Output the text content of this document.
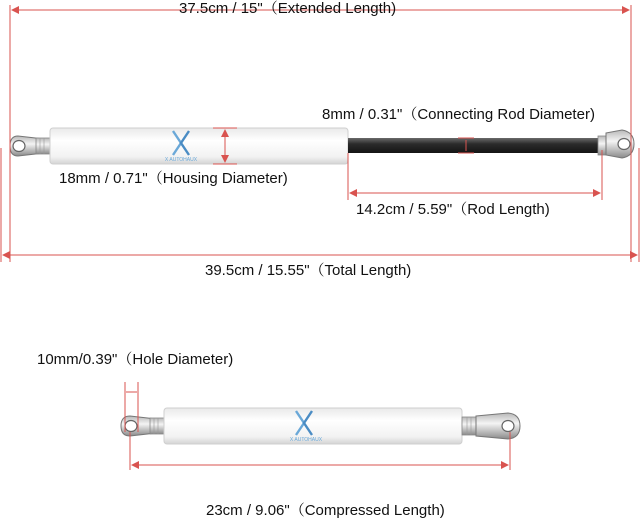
X AUTOHAUX
X AUTOHAUX
37.5cm / 15"（Extended Length)
8mm / 0.31"（Connecting Rod Diameter)
18mm / 0.71"（Housing Diameter)
14.2cm / 5.59"（Rod Length)
39.5cm / 15.55"（Total Length)
10mm/0.39"（Hole Diameter)
23cm / 9.06"（Compressed Length)
